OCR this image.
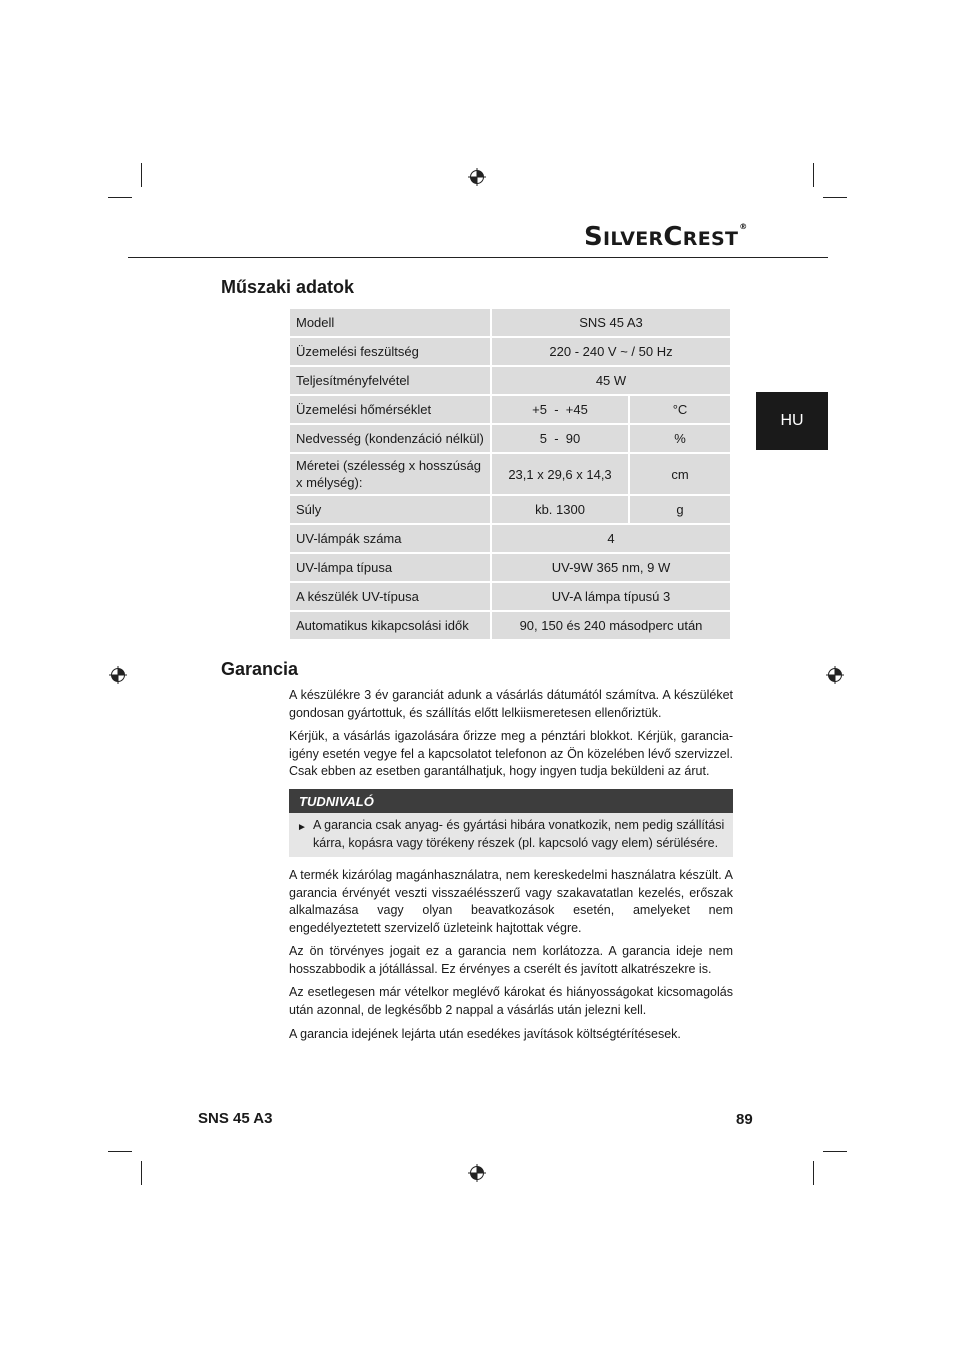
SILVERCREST®
HU
Műszaki adatok
Modell	SNS 45 A3	
Üzemelési feszültség	220 - 240 V ~ / 50 Hz	
Teljesítményfelvétel	45 W	
Üzemelési hőmérséklet	+5  -  +45	°C
Nedvesség (kondenzáció nélkül)	5  -  90	%
Méretei (szélesség x hosszúság x mélység):	23,1 x 29,6 x 14,3	cm
Súly	kb. 1300	g
UV-lámpák száma	4	
UV-lámpa típusa	UV-9W 365 nm, 9 W	
A készülék UV-típusa	UV-A lámpa típusú 3	
Automatikus kikapcsolási idők	90, 150 és 240 másodperc után	
Garancia

A készülékre 3 év garanciát adunk a vásárlás dátumától számítva. A készüléket gondosan gyártottuk, és szállítás előtt lelkiismeretesen ellenőriztük.

Kérjük, a vásárlás igazolására őrizze meg a pénztári blokkot. Kérjük, garancia-igény esetén vegye fel a kapcsolatot telefonon az Ön közelében lévő szervizzel. Csak ebben az esetben garantálhatjuk, hogy ingyen tudja beküldeni az árut.

TUDNIVALÓ
► A garancia csak anyag- és gyártási hibára vonatkozik, nem pedig szállítási kárra, kopásra vagy törékeny részek (pl. kapcsoló vagy elem) sérülésére.

A termék kizárólag magánhasználatra, nem kereskedelmi használatra készült. A garancia érvényét veszti visszaélésszerű vagy szakavatatlan kezelés, erőszak alkalmazása vagy olyan beavatkozások esetén, amelyeket nem engedélyeztetett szervizelő üzleteink hajtottak végre.

Az ön törvényes jogait ez a garancia nem korlátozza. A garancia ideje nem hosszabbodik a jótállással. Ez érvényes a cserélt és javított alkatrészekre is.

Az esetlegesen már vételkor meglévő károkat és hiányosságokat kicsomagolás után azonnal, de legkésőbb 2 nappal a vásárlás után jelezni kell.

A garancia idejének lejárta után esedékes javítások költségtérítésesek.

SNS 45 A3	89
